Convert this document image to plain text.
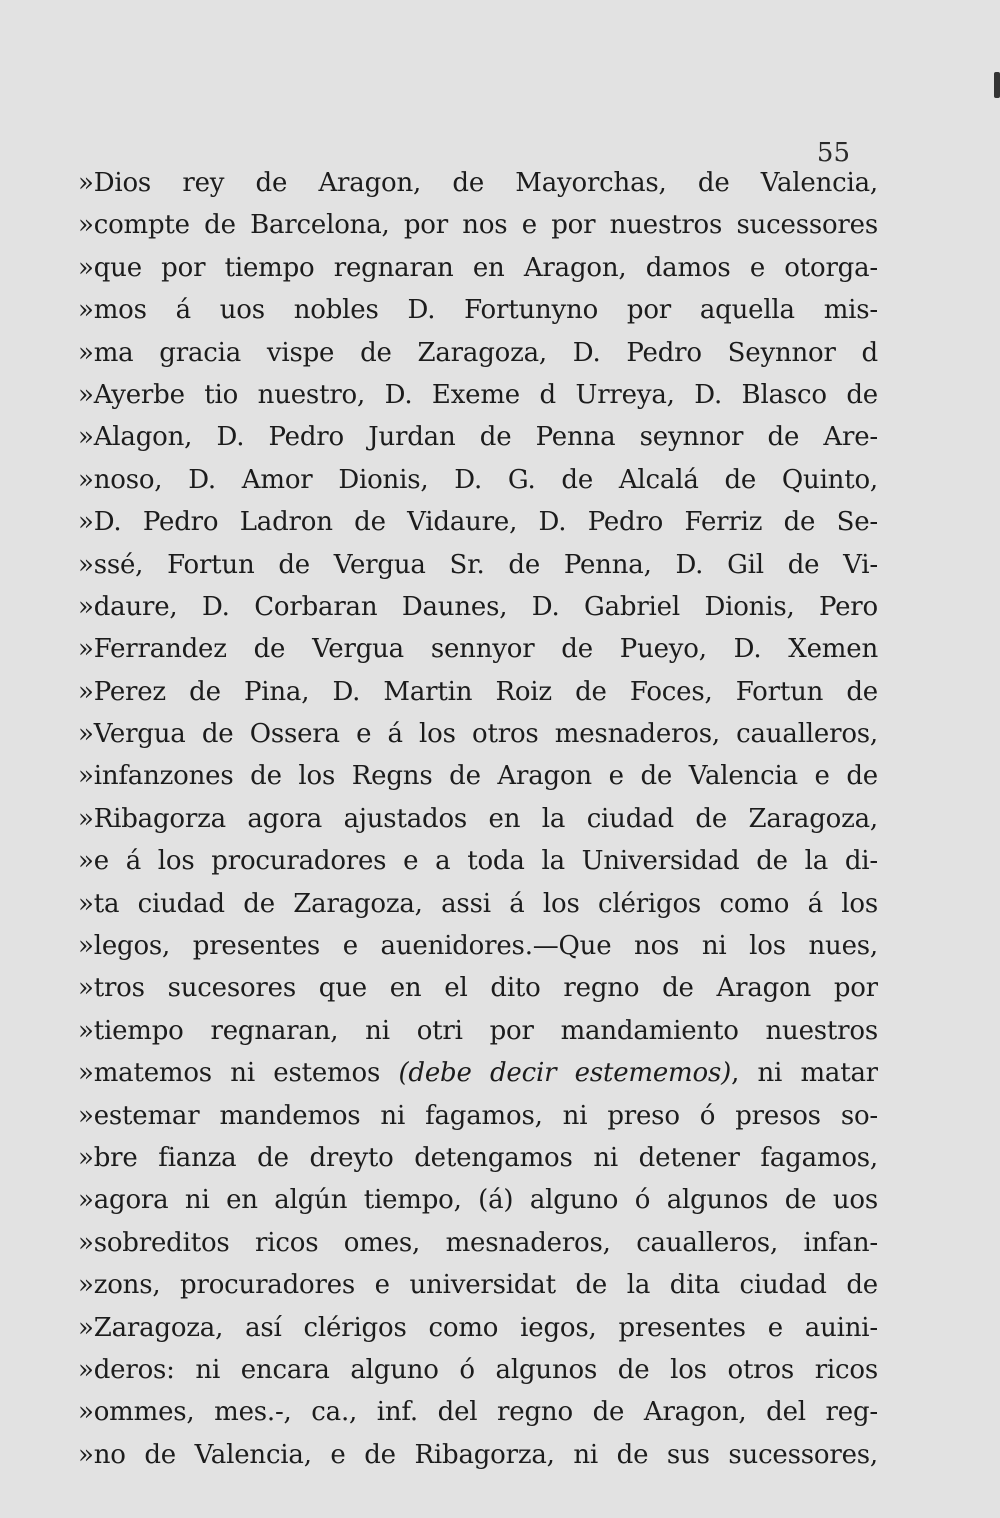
55
»Dios rey de Aragon, de Mayorchas, de Valencia,
»compte de Barcelona, por nos e por nuestros sucessores
»que por tiempo regnaran en Aragon, damos e otorga-
»mos á uos nobles D. Fortunyno por aquella mis-
»ma gracia vispe de Zaragoza, D. Pedro Seynnor d
»Ayerbe tio nuestro, D. Exeme d Urreya, D. Blasco de
»Alagon, D. Pedro Jurdan de Penna seynnor de Are-
»noso, D. Amor Dionis, D. G. de Alcalá de Quinto,
»D. Pedro Ladron de Vidaure, D. Pedro Ferriz de Se-
»ssé, Fortun de Vergua Sr. de Penna, D. Gil de Vi-
»daure, D. Corbaran Daunes, D. Gabriel Dionis, Pero
»Ferrandez de Vergua sennyor de Pueyo, D. Xemen
»Perez de Pina, D. Martin Roiz de Foces, Fortun de
»Vergua de Ossera e á los otros mesnaderos, caualleros,
»infanzones de los Regns de Aragon e de Valencia e de
»Ribagorza agora ajustados en la ciudad de Zaragoza,
»e á los procuradores e a toda la Universidad de la di-
»ta ciudad de Zaragoza, assi á los clérigos como á los
»legos, presentes e auenidores.—Que nos ni los nues,
»tros sucesores que en el dito regno de Aragon por
»tiempo regnaran, ni otri por mandamiento nuestros
»matemos ni estemos (debe decir estememos), ni matar
»estemar mandemos ni fagamos, ni preso ó presos so-
»bre fianza de dreyto detengamos ni detener fagamos,
»agora ni en algún tiempo, (á) alguno ó algunos de uos
»sobreditos ricos omes, mesnaderos, caualleros, infan-
»zons, procuradores e universidat de la dita ciudad de
»Zaragoza, así clérigos como iegos, presentes e auini-
»deros: ni encara alguno ó algunos de los otros ricos
»ommes, mes.-, ca., inf. del regno de Aragon, del reg-
»no de Valencia, e de Ribagorza, ni de sus sucessores,
